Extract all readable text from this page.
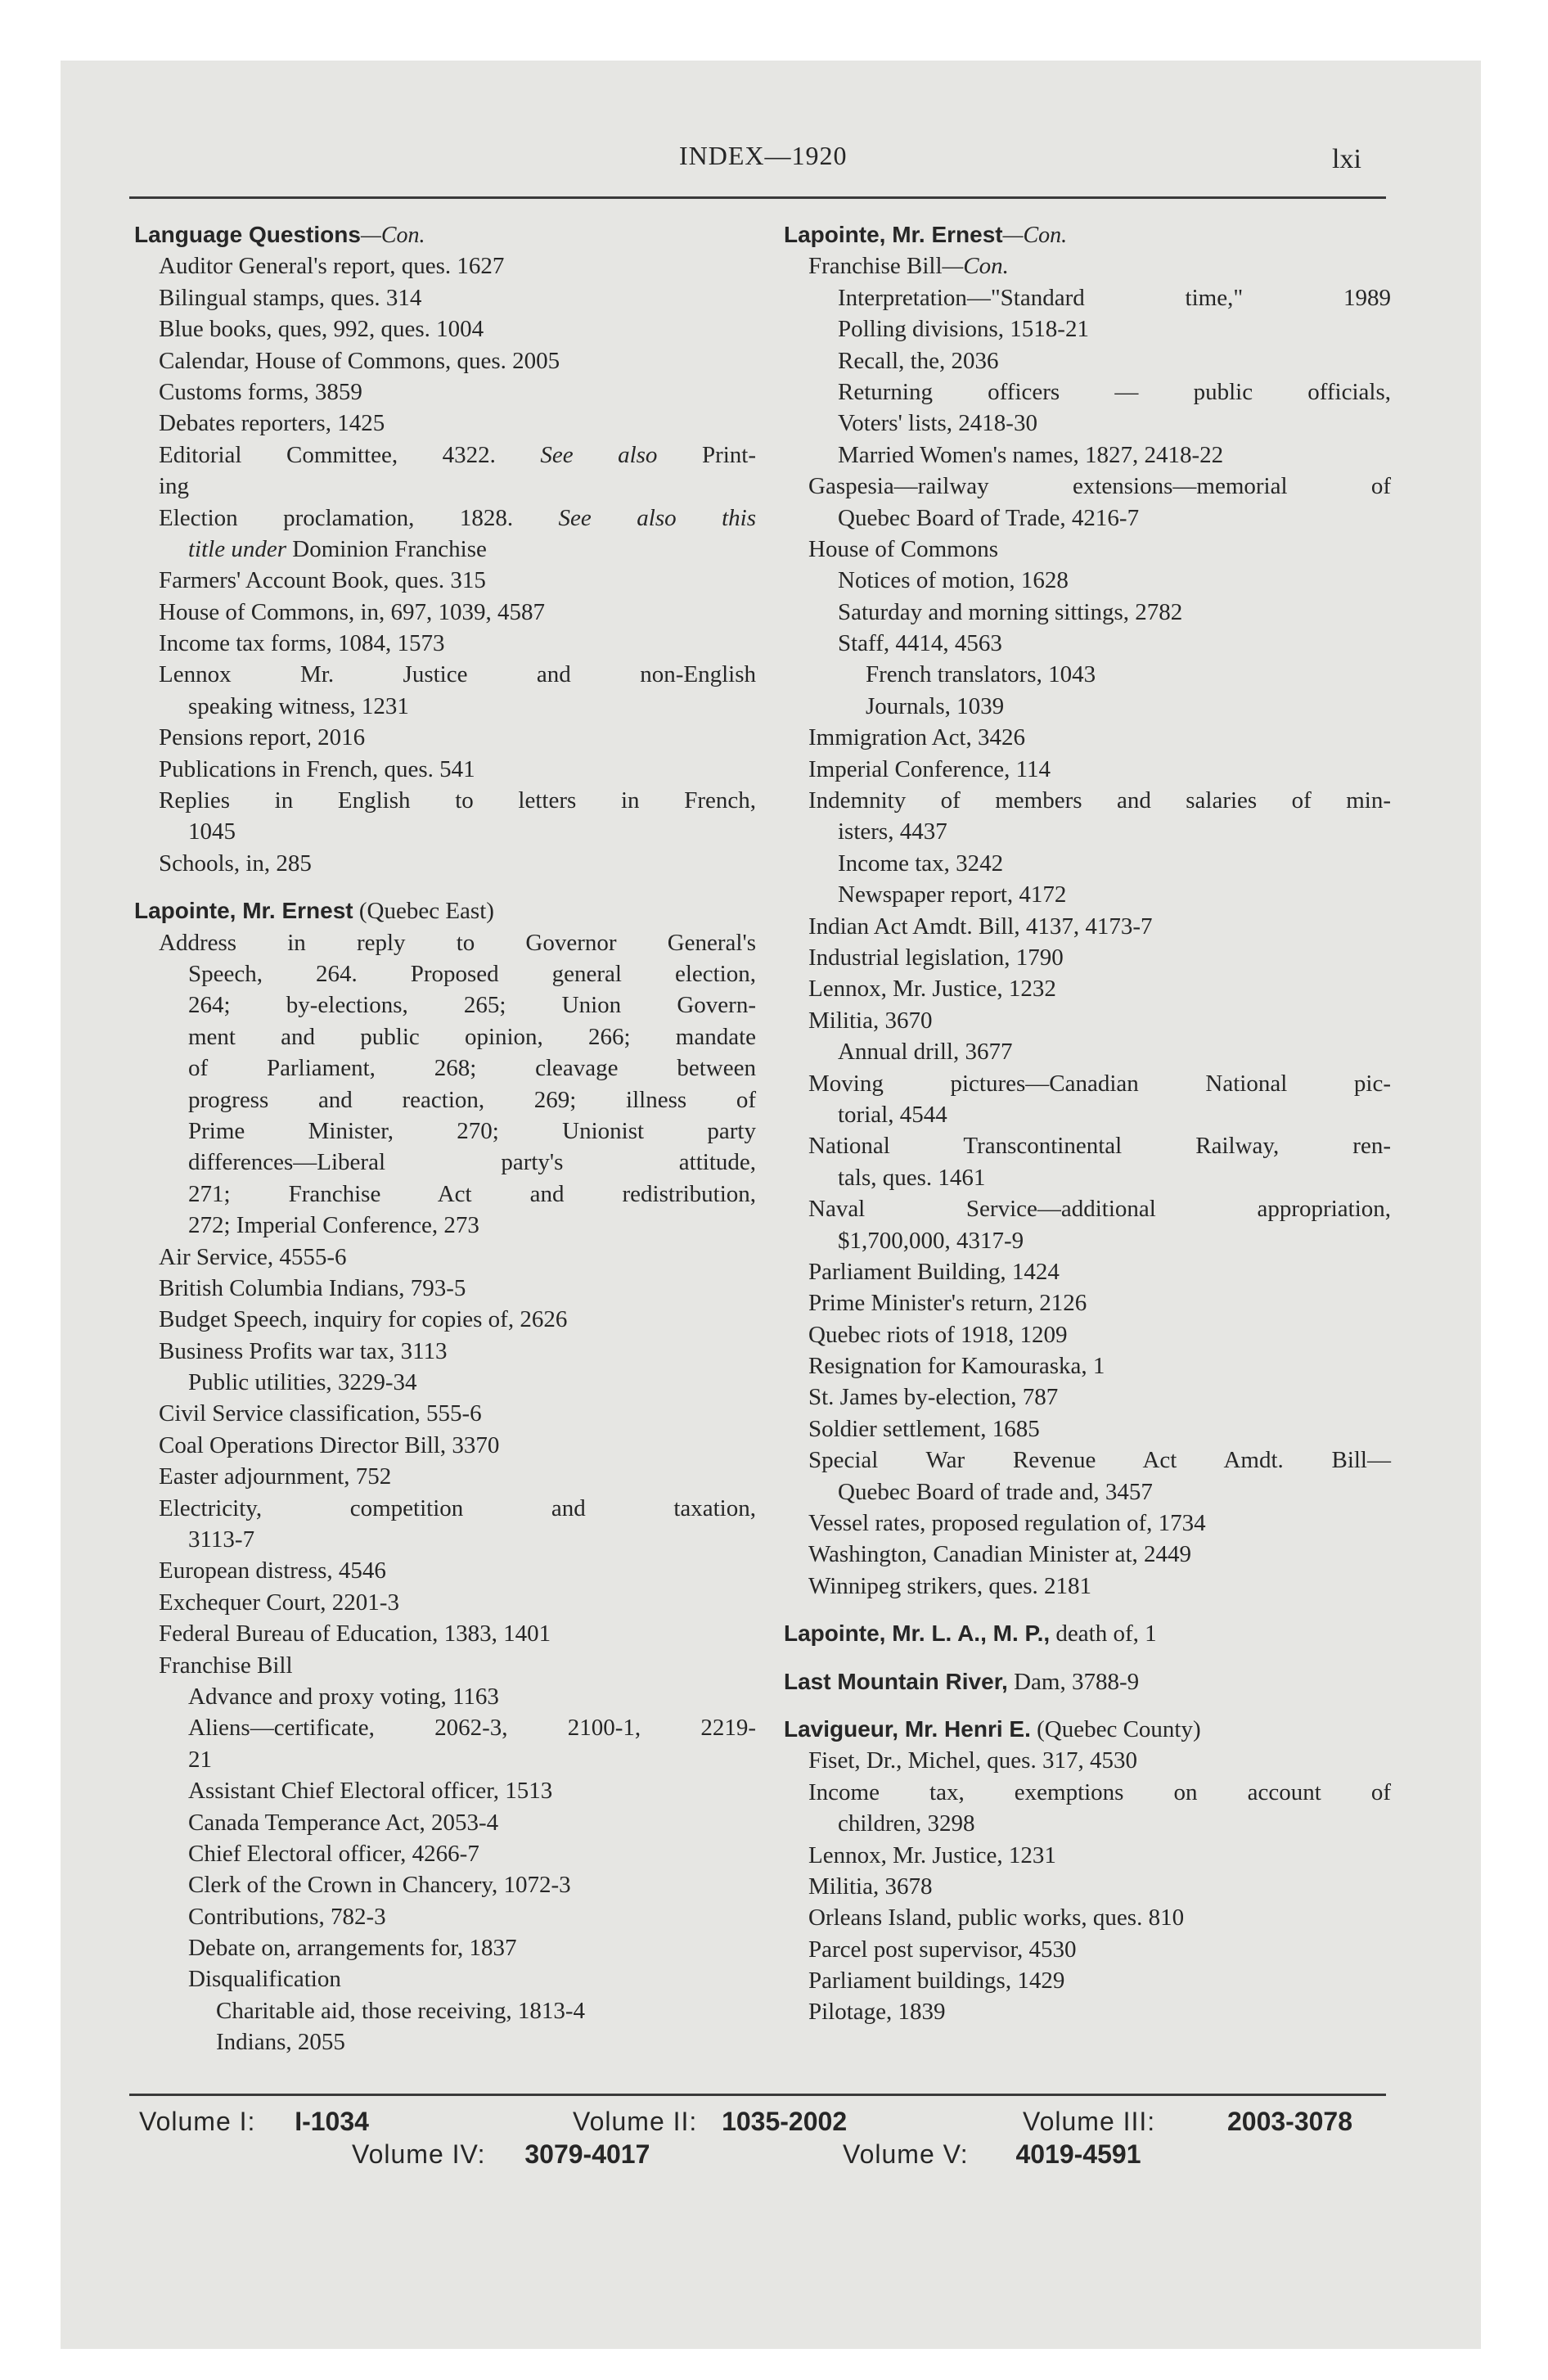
INDEX—1920	lxi
Language Questions—Con.
Auditor General's report, ques. 1627
Bilingual stamps, ques. 314
Blue books, ques, 992, ques. 1004
Calendar, House of Commons, ques. 2005
Customs forms, 3859
Debates reporters, 1425
Editorial Committee, 4322. See also Print-
ing
Election proclamation, 1828. See also this
title under Dominion Franchise
Farmers' Account Book, ques. 315
House of Commons, in, 697, 1039, 4587
Income tax forms, 1084, 1573
Lennox Mr. Justice and non-English
speaking witness, 1231
Pensions report, 2016
Publications in French, ques. 541
Replies in English to letters in French,
1045
Schools, in, 285
Lapointe, Mr. Ernest (Quebec East)
Address in reply to Governor General's
Speech, 264. Proposed general election,
264; by-elections, 265; Union Govern-
ment and public opinion, 266; mandate
of Parliament, 268; cleavage between
progress and reaction, 269; illness of
Prime Minister, 270; Unionist party
differences—Liberal party's attitude,
271; Franchise Act and redistribution,
272; Imperial Conference, 273
Air Service, 4555-6
British Columbia Indians, 793-5
Budget Speech, inquiry for copies of, 2626
Business Profits war tax, 3113
Public utilities, 3229-34
Civil Service classification, 555-6
Coal Operations Director Bill, 3370
Easter adjournment, 752
Electricity, competition and taxation,
3113-7
European distress, 4546
Exchequer Court, 2201-3
Federal Bureau of Education, 1383, 1401
Franchise Bill
Advance and proxy voting, 1163
Aliens—certificate, 2062-3, 2100-1, 2219-
21
Assistant Chief Electoral officer, 1513
Canada Temperance Act, 2053-4
Chief Electoral officer, 4266-7
Clerk of the Crown in Chancery, 1072-3
Contributions, 782-3
Debate on, arrangements for, 1837
Disqualification
Charitable aid, those receiving, 1813-4
Indians, 2055
Lapointe, Mr. Ernest—Con.
Franchise Bill—Con.
Interpretation—"Standard time," 1989
Polling divisions, 1518-21
Recall, the, 2036
Returning officers — public officials,
Voters' lists, 2418-30
Married Women's names, 1827, 2418-22
Gaspesia—railway extensions—memorial of
Quebec Board of Trade, 4216-7
House of Commons
Notices of motion, 1628
Saturday and morning sittings, 2782
Staff, 4414, 4563
French translators, 1043
Journals, 1039
Immigration Act, 3426
Imperial Conference, 114
Indemnity of members and salaries of min-
isters, 4437
Income tax, 3242
Newspaper report, 4172
Indian Act Amdt. Bill, 4137, 4173-7
Industrial legislation, 1790
Lennox, Mr. Justice, 1232
Militia, 3670
Annual drill, 3677
Moving pictures—Canadian National pic-
torial, 4544
National Transcontinental Railway, ren-
tals, ques. 1461
Naval Service—additional appropriation,
$1,700,000, 4317-9
Parliament Building, 1424
Prime Minister's return, 2126
Quebec riots of 1918, 1209
Resignation for Kamouraska, 1
St. James by-election, 787
Soldier settlement, 1685
Special War Revenue Act Amdt. Bill—
Quebec Board of trade and, 3457
Vessel rates, proposed regulation of, 1734
Washington, Canadian Minister at, 2449
Winnipeg strikers, ques. 2181
Lapointe, Mr. L. A., M. P., death of, 1
Last Mountain River, Dam, 3788-9
Lavigueur, Mr. Henri E. (Quebec County)
Fiset, Dr., Michel, ques. 317, 4530
Income tax, exemptions on account of
children, 3298
Lennox, Mr. Justice, 1231
Militia, 3678
Orleans Island, public works, ques. 810
Parcel post supervisor, 4530
Parliament buildings, 1429
Pilotage, 1839
Volume I: I-1034	Volume II: 1035-2002	Volume III:	2003-3078
Volume IV: 3079-4017	Volume V: 4019-4591
